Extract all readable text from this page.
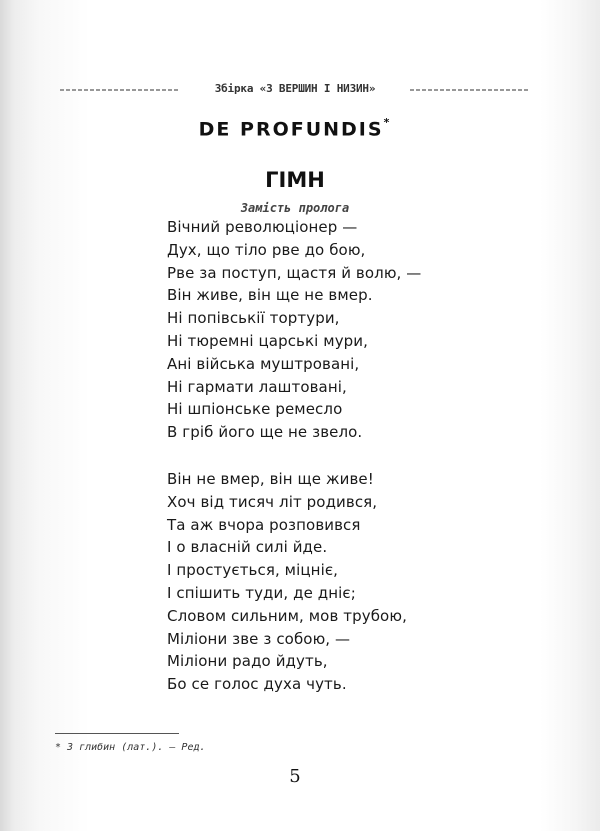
Збірка «З ВЕРШИН І НИЗИН»
DE PROFUNDIS*
ГІМН
Замість пролога
Вічний революціонер —
Дух, що тіло рве до бою,
Рве за поступ, щастя й волю, —
Він живе, він ще не вмер.
Ні попівськії тортури,
Ні тюремні царські мури,
Ані війська муштровані,
Ні гармати лаштовані,
Ні шпіонське ремесло
В гріб його ще не звело.
Він не вмер, він ще живе!
Хоч від тисяч літ родився,
Та аж вчора розповився
І о власній силі йде.
І простується, міцніє,
І спішить туди, де дніє;
Словом сильним, мов трубою,
Міліони зве з собою, —
Міліони радо йдуть,
Бо се голос духа чуть.
* З глибин (лат.). — Ред.
5
